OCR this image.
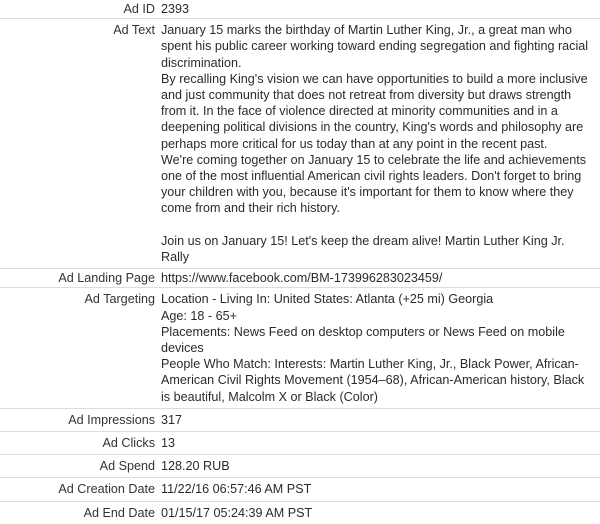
Ad ID 2393
Ad Text January 15 marks the birthday of Martin Luther King, Jr., a great man who spent his public career working toward ending segregation and fighting racial discrimination.

By recalling King's vision we can have opportunities to build a more inclusive and just community that does not retreat from diversity but draws strength from it. In the face of violence directed at minority communities and in a deepening political divisions in the country, King's words and philosophy are perhaps more critical for us today than at any point in the recent past.

We're coming together on January 15 to celebrate the life and achievements one of the most influential American civil rights leaders. Don't forget to bring your children with you, because it's important for them to know where they come from and their rich history.

Join us on January 15! Let's keep the dream alive! Martin Luther King Jr. Rally

Ad Landing Page https://www.facebook.com/BM-173996283023459/
Ad Targeting Location - Living In: United States: Atlanta (+25 mi) Georgia

Age: 18 - 65+

Placements: News Feed on desktop computers or News Feed on mobile devices

People Who Match: Interests: Martin Luther King, Jr., Black Power, African-American Civil Rights Movement (1954–68), African-American history, Black is beautiful, Malcolm X or Black (Color)

Ad Impressions 317
Ad Clicks 13
Ad Spend 128.20 RUB
Ad Creation Date 11/22/16 06:57:46 AM PST
Ad End Date 01/15/17 05:24:39 AM PST
